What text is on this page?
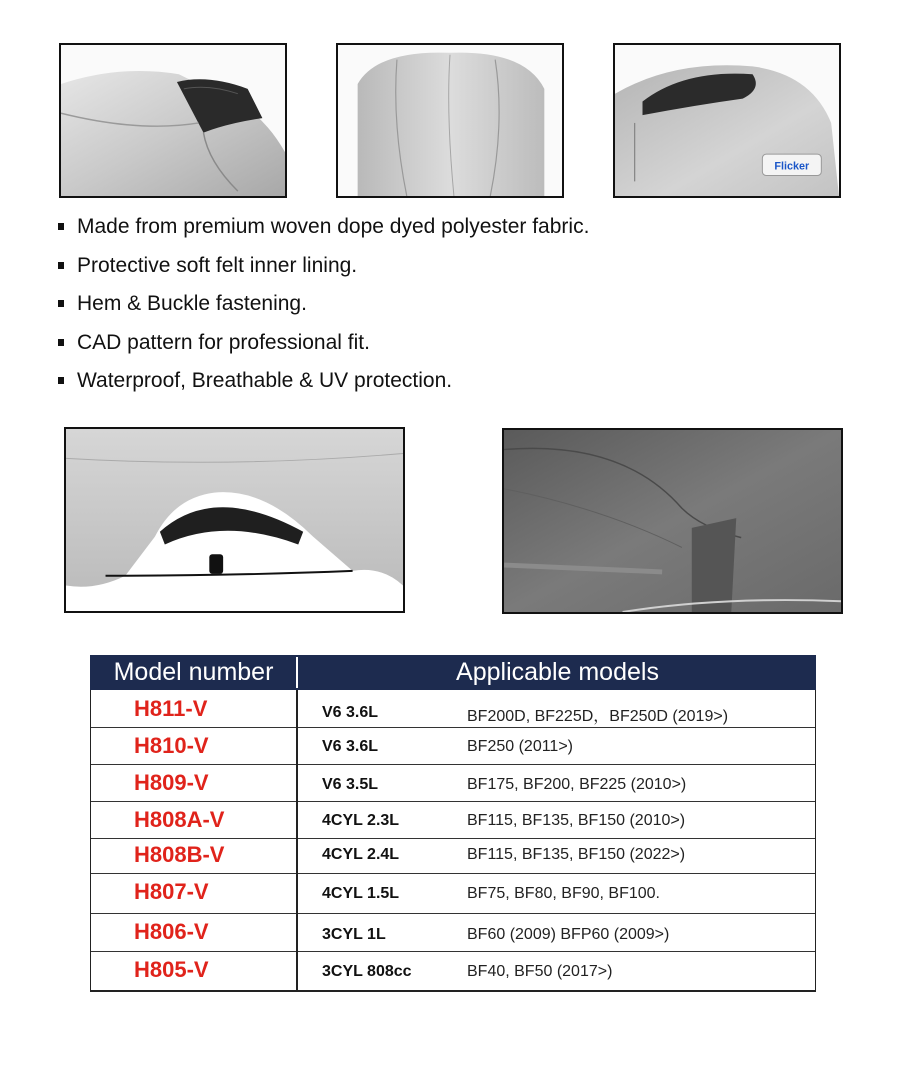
Flicker
Made from premium woven dope dyed polyester fabric.
Protective soft felt inner lining.
Hem & Buckle fastening.
CAD pattern for professional fit.
Waterproof, Breathable & UV protection.
Model number	Applicable models
H811-V	V6 3.6L	BF200D, BF225D，BF250D (2019>)
H810-V	V6 3.6L	BF250 (2011>)
H809-V	V6 3.5L	BF175, BF200, BF225 (2010>)
H808A-V	4CYL 2.3L	BF115, BF135, BF150 (2010>)
H808B-V	4CYL 2.4L	BF115, BF135, BF150 (2022>)
H807-V	4CYL 1.5L	BF75, BF80, BF90, BF100.
H806-V	3CYL 1L	BF60 (2009) BFP60 (2009>)
H805-V	3CYL 808cc	BF40, BF50 (2017>)
